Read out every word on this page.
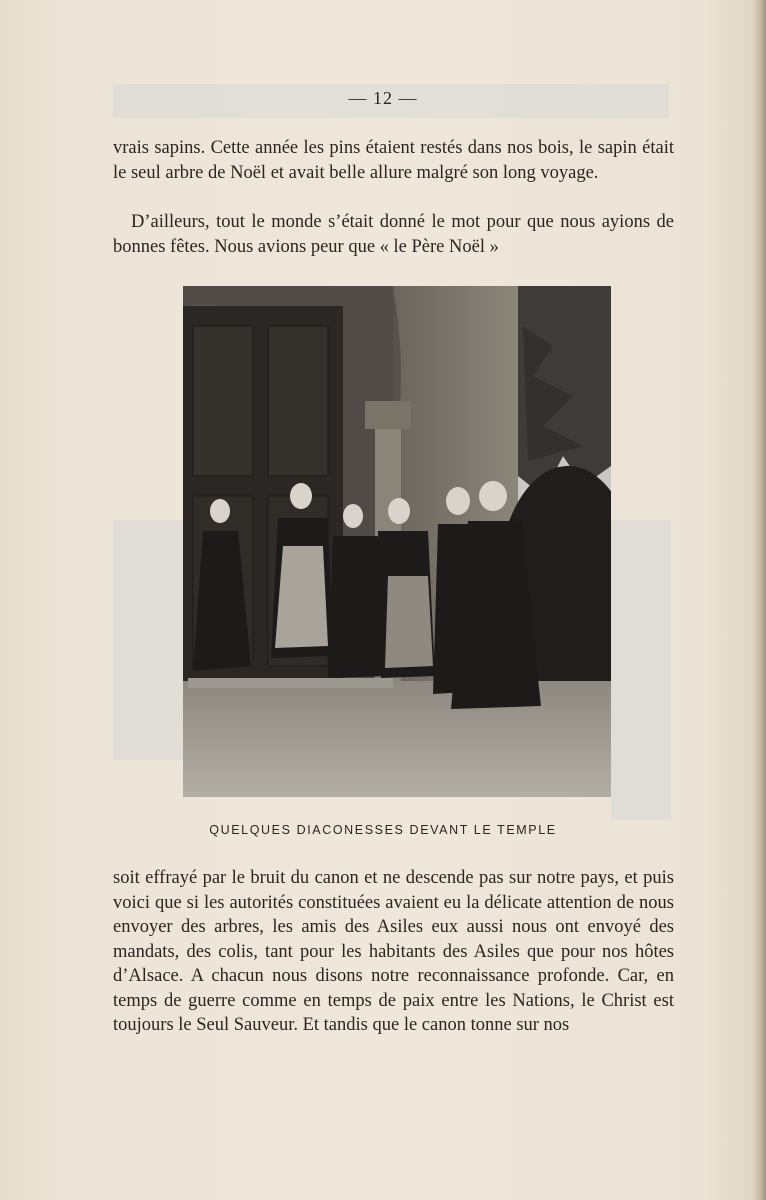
— 12 —

vrais sapins. Cette année les pins étaient restés dans nos bois, le sapin était le seul arbre de Noël et avait belle allure malgré son long voyage.

D’ailleurs, tout le monde s’était donné le mot pour que nous ayions de bonnes fêtes. Nous avions peur que « le Père Noël »

QUELQUES DIACONESSES DEVANT LE TEMPLE

soit effrayé par le bruit du canon et ne descende pas sur notre pays, et puis voici que si les autorités constituées avaient eu la délicate attention de nous envoyer des arbres, les amis des Asiles eux aussi nous ont envoyé des mandats, des colis, tant pour les habitants des Asiles que pour nos hôtes d’Alsace. A chacun nous disons notre reconnaissance profonde. Car, en temps de guerre comme en temps de paix entre les Nations, le Christ est toujours le Seul Sauveur. Et tandis que le canon tonne sur nos
